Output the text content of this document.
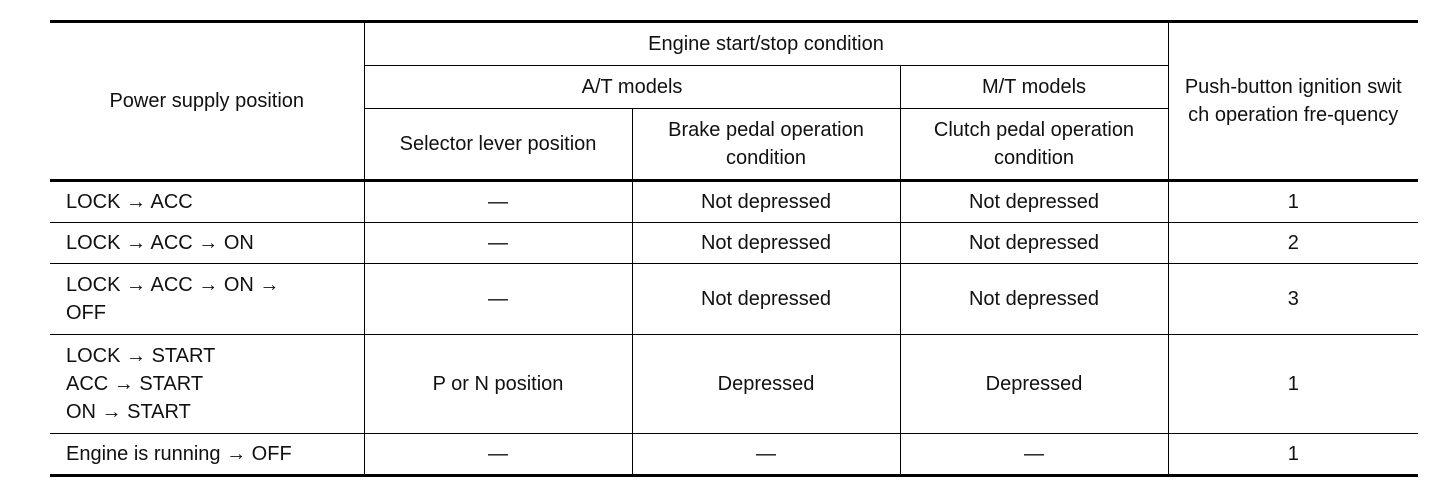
Power supply position	Engine start/stop condition			Push-button ignition switch operation fre-quency

	A/T models		M/T models	
	Selector lever position	Brake pedal operation condition	Clutch pedal operation condition	
LOCK → ACC	—	Not depressed	Not depressed	1
LOCK → ACC → ON	—	Not depressed	Not depressed	2

LOCK → ACC → ON →
OFF	—	Not depressed	Not depressed	3

LOCK → START
ACC → START
ON → START	P or N position	Depressed	Depressed	1
Engine is running → OFF	—	—	—	1
